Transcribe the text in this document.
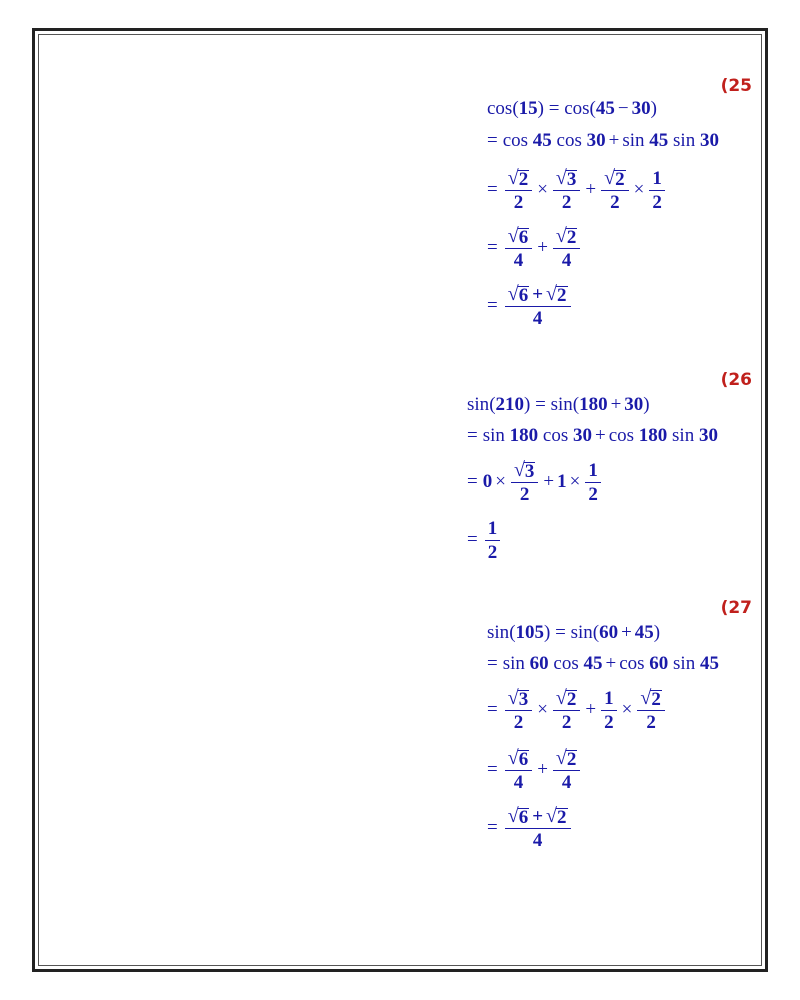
(25
cos(15) = cos(45 − 30)
= cos 45 cos 30 + sin 45 sin 30
= $\frac{√ 2}{2} \times \frac{√ 3}{2} + \frac{√ 2}{2} \times \frac{1}{2}$
= $\frac{√ 6}{4} + \frac{√ 2}{4}$
= $\frac{√ 6 + √ 2}{4}$
(26
sin(210) = sin(180 + 30)
= sin 180 cos 30 + cos 180 sin 30
= $0 \times \frac{√ 3}{2} + 1 \times \frac{1}{2}$
= $\frac{1}{2}$
(27
sin(105) = sin(60 + 45)
= sin 60 cos 45 + cos 60 sin 45
= $\frac{√ 3}{2} \times \frac{√ 2}{2} + \frac{1}{2} \times \frac{√ 2}{2}$
= $\frac{√ 6}{4} + \frac{√ 2}{4}$
= $\frac{√ 6 + √ 2}{4}$
